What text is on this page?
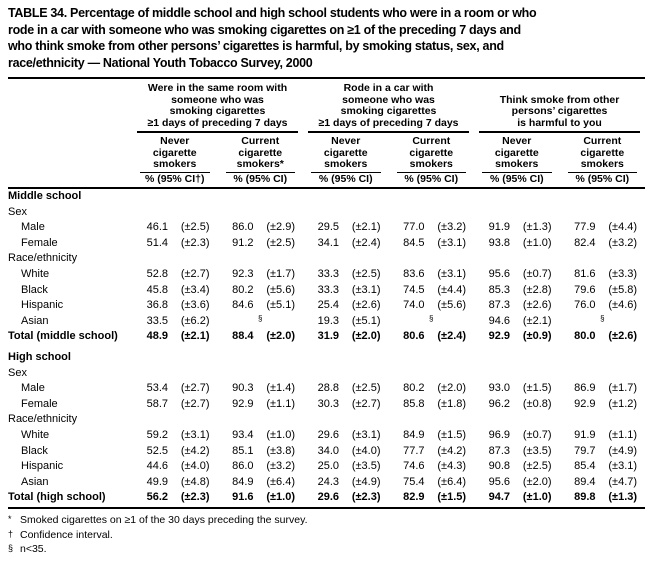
TABLE 34. Percentage of middle school and high school students who were in a room or who
rode in a car with someone who was smoking cigarettes on ≥1 of the preceding 7 days and
who think smoke from other persons’ cigarettes is harmful, by smoking status, sex, and
race/ethnicity — National Youth Tobacco Survey, 2000

	Were in the same room with
someone who was
smoking cigarettes
≥1 days of preceding 7 days		Rode in a car with
someone who was
smoking cigarettes
≥1 days of preceding 7 days		Think smoke from other
persons’ cigarettes
is harmful to you	

	Never
cigarette
smokers	Current
cigarette
smokers*	Never
cigarette
smokers	Current
cigarette
smokers	Never
cigarette
smokers	Current
cigarette
smokers

	% (95% CI†)	% (95% CI)	% (95% CI)	% (95% CI)	% (95% CI)	% (95% CI)
Middle school						
Sex						
Male	46.1 (±2.5)	86.0 (±2.9)	29.5 (±2.1)	77.0 (±3.2)	91.9 (±1.3)	77.9 (±4.4)

Female	51.4 (±2.3)	91.2 (±2.5)	34.1 (±2.4)	84.5 (±3.1)	93.8 (±1.0)	82.4 (±3.2)

Race/ethnicity						
White	52.8 (±2.7)	92.3 (±1.7)	33.3 (±2.5)	83.6 (±3.1)	95.6 (±0.7)	81.6 (±3.3)

Black	45.8 (±3.4)	80.2 (±5.6)	33.3 (±3.1)	74.5 (±4.4)	85.3 (±2.8)	79.6 (±5.8)

Hispanic	36.8 (±3.6)	84.6 (±5.1)	25.4 (±2.6)	74.0 (±5.6)	87.3 (±2.6)	76.0 (±4.6)

Asian	33.5 (±6.2)	§	19.3 (±5.1)	§	94.6 (±2.1)	§

Total (middle school)	48.9 (±2.1)	88.4 (±2.0)	31.9 (±2.0)	80.6 (±2.4)	92.9 (±0.9)	80.0 (±2.6)

High school						
Sex						
Male	53.4 (±2.7)	90.3 (±1.4)	28.8 (±2.5)	80.2 (±2.0)	93.0 (±1.5)	86.9 (±1.7)

Female	58.7 (±2.7)	92.9 (±1.1)	30.3 (±2.7)	85.8 (±1.8)	96.2 (±0.8)	92.9 (±1.2)

Race/ethnicity						
White	59.2 (±3.1)	93.4 (±1.0)	29.6 (±3.1)	84.9 (±1.5)	96.9 (±0.7)	91.9 (±1.1)

Black	52.5 (±4.2)	85.1 (±3.8)	34.0 (±4.0)	77.7 (±4.2)	87.3 (±3.5)	79.7 (±4.9)

Hispanic	44.6 (±4.0)	86.0 (±3.2)	25.0 (±3.5)	74.6 (±4.3)	90.8 (±2.5)	85.4 (±3.1)

Asian	49.9 (±4.8)	84.9 (±6.4)	24.3 (±4.9)	75.4 (±6.4)	95.6 (±2.0)	89.4 (±4.7)

Total (high school)	56.2 (±2.3)	91.6 (±1.0)	29.6 (±2.3)	82.9 (±1.5)	94.7 (±1.0)	89.8 (±1.3)
* Smoked cigarettes on ≥1 of the 30 days preceding the survey.
† Confidence interval.
§ n<35.
